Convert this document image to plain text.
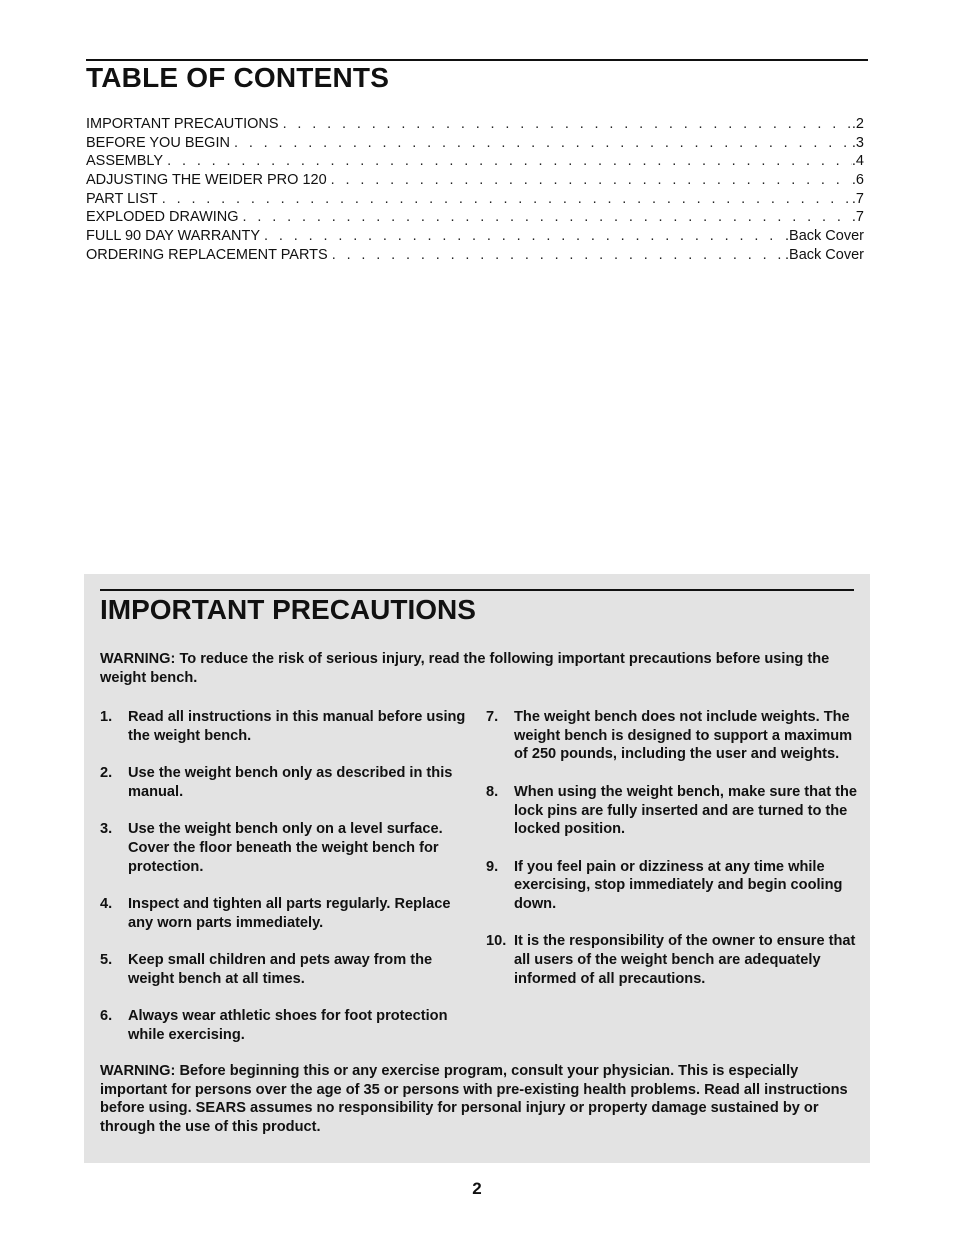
TABLE OF CONTENTS
IMPORTANT PRECAUTIONS . . .	.2
BEFORE YOU BEGIN . . .	.3
ASSEMBLY . . .	.4
ADJUSTING THE WEIDER PRO 120 . . .	.6
PART LIST . . .	.7
EXPLODED DRAWING . . .	.7
FULL 90 DAY WARRANTY . . .	.Back Cover
ORDERING REPLACEMENT PARTS . . .	.Back Cover
IMPORTANT PRECAUTIONS
WARNING: To reduce the risk of serious injury, read the following important precautions before using the weight bench.
1.	Read all instructions in this manual before using the weight bench.
2.	Use the weight bench only as described in this manual.
3.	Use the weight bench only on a level surface. Cover the floor beneath the weight bench for protection.
4.	Inspect and tighten all parts regularly. Replace any worn parts immediately.
5.	Keep small children and pets away from the weight bench at all times.
6.	Always wear athletic shoes for foot protection while exercising.
7.	The weight bench does not include weights. The weight bench is designed to support a maximum of 250 pounds, including the user and weights.
8.	When using the weight bench, make sure that the lock pins are fully inserted and are turned to the locked position.
9.	If you feel pain or dizziness at any time while exercising, stop immediately and begin cooling down.
10. It is the responsibility of the owner to ensure that all users of the weight bench are adequately informed of all precautions.
WARNING: Before beginning this or any exercise program, consult your physician. This is especially important for persons over the age of 35 or persons with pre-existing health problems. Read all instructions before using. SEARS assumes no responsibility for personal injury or property damage sustained by or through the use of this product.
2
